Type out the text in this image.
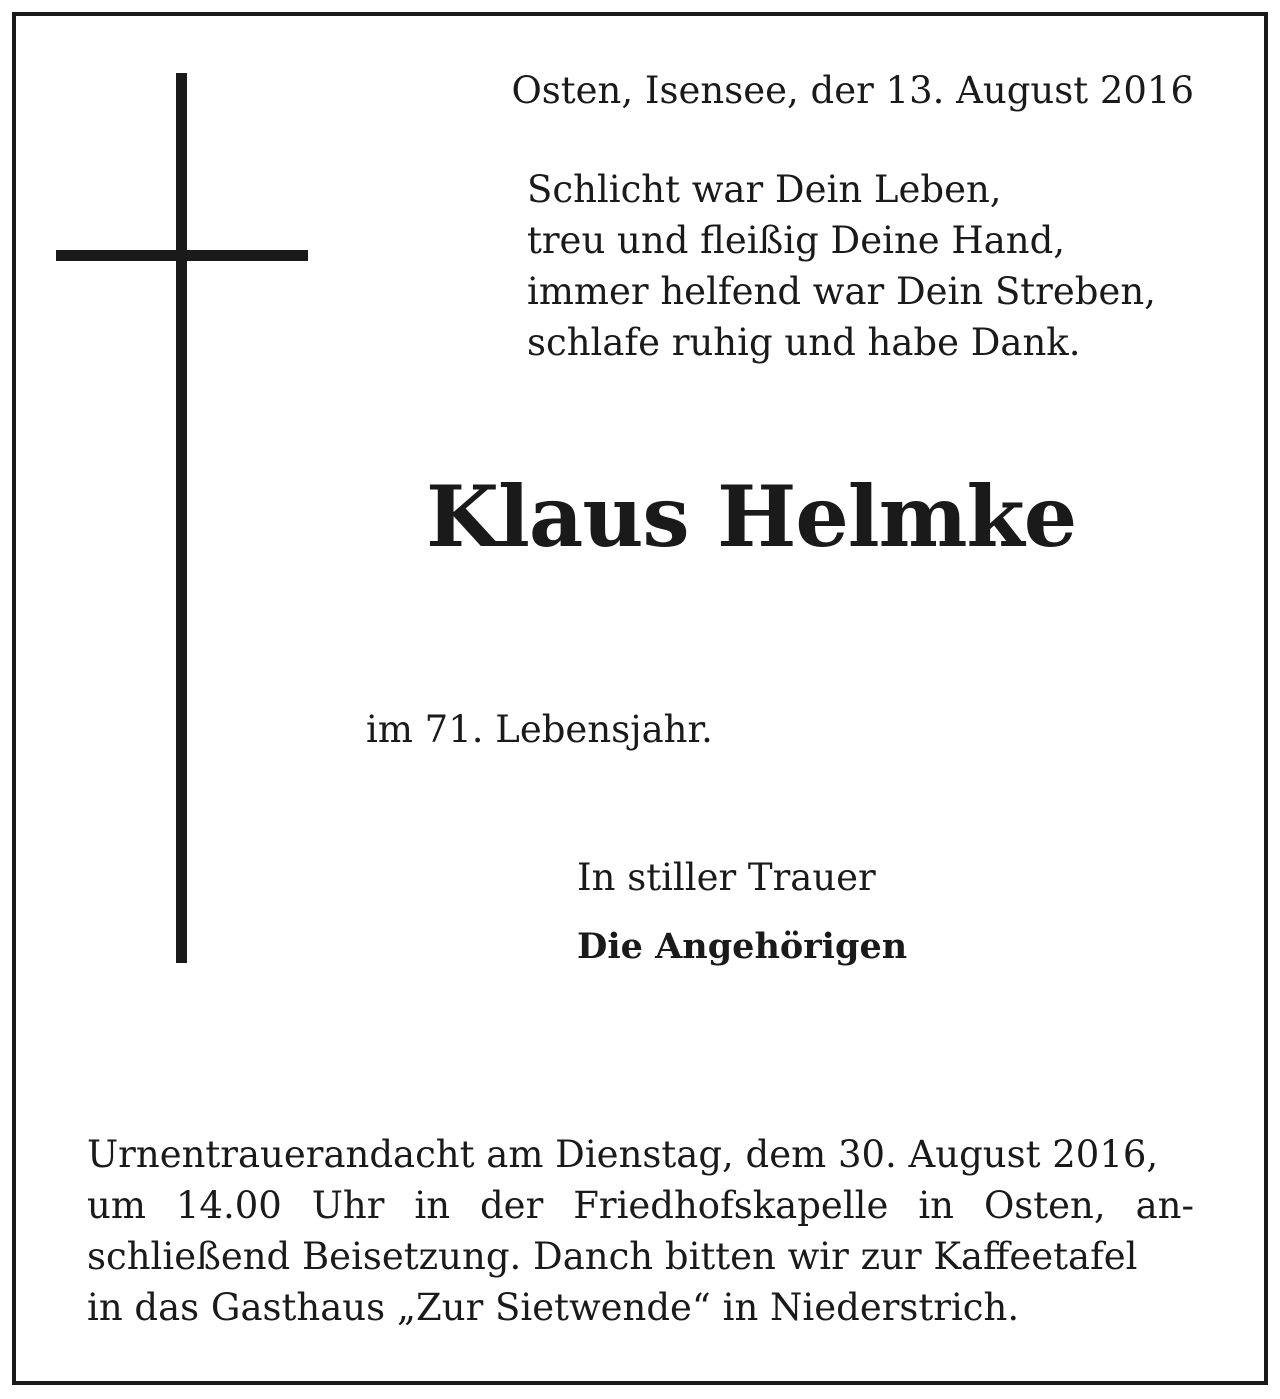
Osten, Isensee, der 13. August 2016
Schlicht war Dein Leben,
treu und fleißig Deine Hand,
immer helfend war Dein Streben,
schlafe ruhig und habe Dank.
Klaus Helmke
im 71. Lebensjahr.
In stiller Trauer
Die Angehörigen
Urnentrauerandacht am Dienstag, dem 30. August 2016,
um 14.00 Uhr in der Friedhofskapelle in Osten, an-
schließend Beisetzung. Danch bitten wir zur Kaffeetafel
in das Gasthaus „Zur Sietwende“ in Niederstrich.
